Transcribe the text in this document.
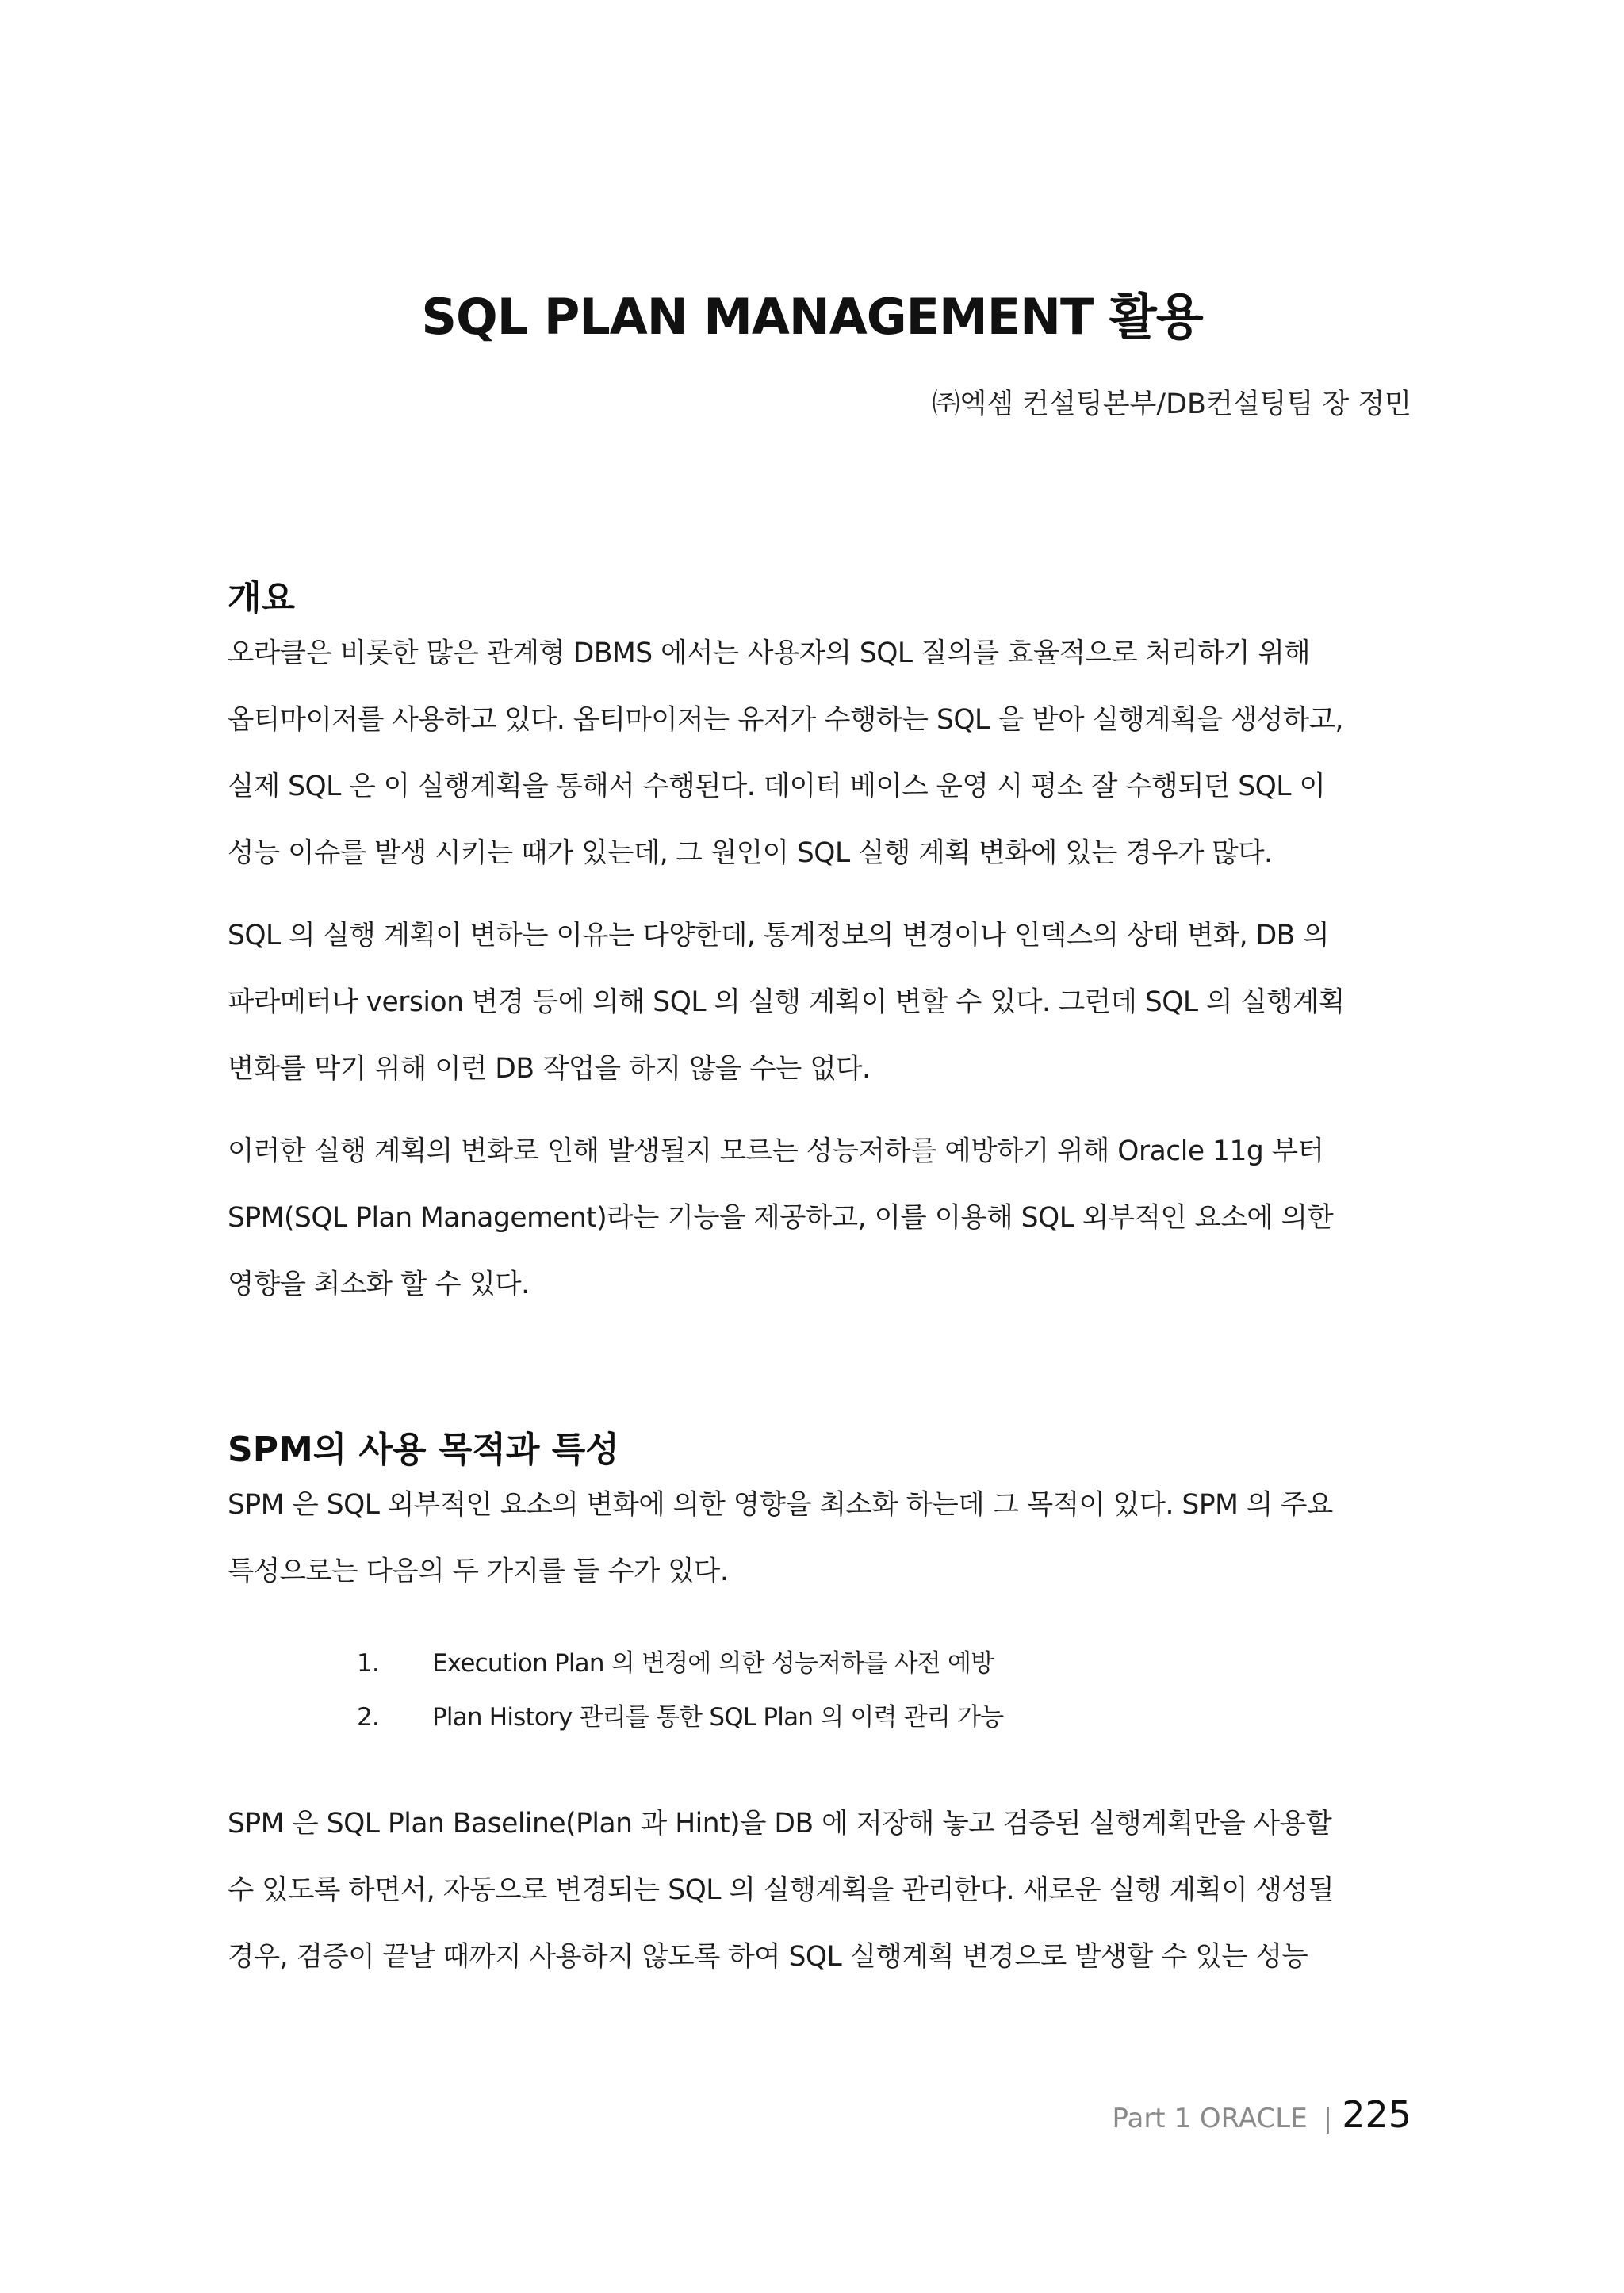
SQL PLAN MANAGEMENT 활용
㈜엑셈 컨설팅본부/DB컨설팅팀 장 정민
개요

오라클은 비롯한 많은 관계형 DBMS 에서는 사용자의 SQL 질의를 효율적으로 처리하기 위해
옵티마이저를 사용하고 있다. 옵티마이저는 유저가 수행하는 SQL 을 받아 실행계획을 생성하고,
실제 SQL 은 이 실행계획을 통해서 수행된다. 데이터 베이스 운영 시 평소 잘 수행되던 SQL 이
성능 이슈를 발생 시키는 때가 있는데, 그 원인이 SQL 실행 계획 변화에 있는 경우가 많다.

SQL 의 실행 계획이 변하는 이유는 다양한데, 통계정보의 변경이나 인덱스의 상태 변화, DB 의
파라메터나 version 변경 등에 의해 SQL 의 실행 계획이 변할 수 있다. 그런데 SQL 의 실행계획
변화를 막기 위해 이런 DB 작업을 하지 않을 수는 없다.

이러한 실행 계획의 변화로 인해 발생될지 모르는 성능저하를 예방하기 위해 Oracle 11g 부터
SPM(SQL Plan Management)라는 기능을 제공하고, 이를 이용해 SQL 외부적인 요소에 의한
영향을 최소화 할 수 있다.

SPM의 사용 목적과 특성

SPM 은 SQL 외부적인 요소의 변화에 의한 영향을 최소화 하는데 그 목적이 있다. SPM 의 주요
특성으로는 다음의 두 가지를 들 수가 있다.

1. Execution Plan 의 변경에 의한 성능저하를 사전 예방
2. Plan History 관리를 통한 SQL Plan 의 이력 관리 가능

SPM 은 SQL Plan Baseline(Plan 과 Hint)을 DB 에 저장해 놓고 검증된 실행계획만을 사용할
수 있도록 하면서, 자동으로 변경되는 SQL 의 실행계획을 관리한다. 새로운 실행 계획이 생성될
경우, 검증이 끝날 때까지 사용하지 않도록 하여 SQL 실행계획 변경으로 발생할 수 있는 성능

Part 1 ORACLE | 225
